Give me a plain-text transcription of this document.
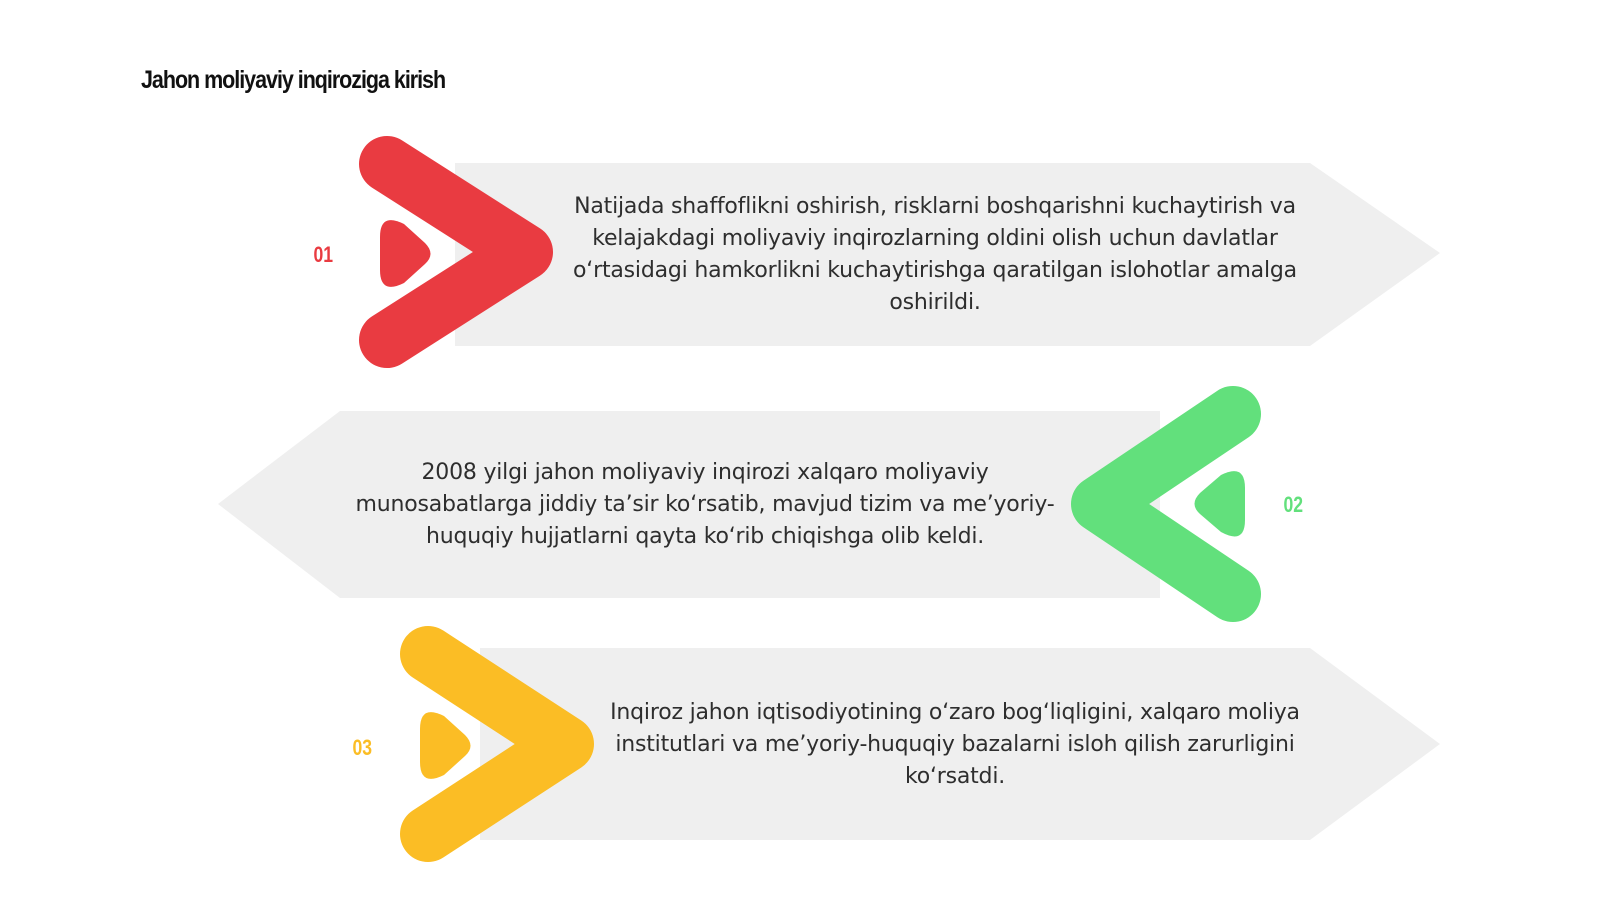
Jahon moliyaviy inqiroziga kirish
01
02
03

Natijada shaffoflikni oshirish, risklarni boshqarishni kuchaytirish va kelajakdagi moliyaviy inqirozlarning oldini olish uchun davlatlar o‘rtasidagi hamkorlikni kuchaytirishga qaratilgan islohotlar amalga oshirildi.

2008 yilgi jahon moliyaviy inqirozi xalqaro moliyaviy munosabatlarga jiddiy ta’sir ko‘rsatib, mavjud tizim va me’yoriy-huquqiy hujjatlarni qayta ko‘rib chiqishga olib keldi.

Inqiroz jahon iqtisodiyotining o‘zaro bog‘liqligini, xalqaro moliya institutlari va me’yoriy-huquqiy bazalarni isloh qilish zarurligini ko‘rsatdi.
